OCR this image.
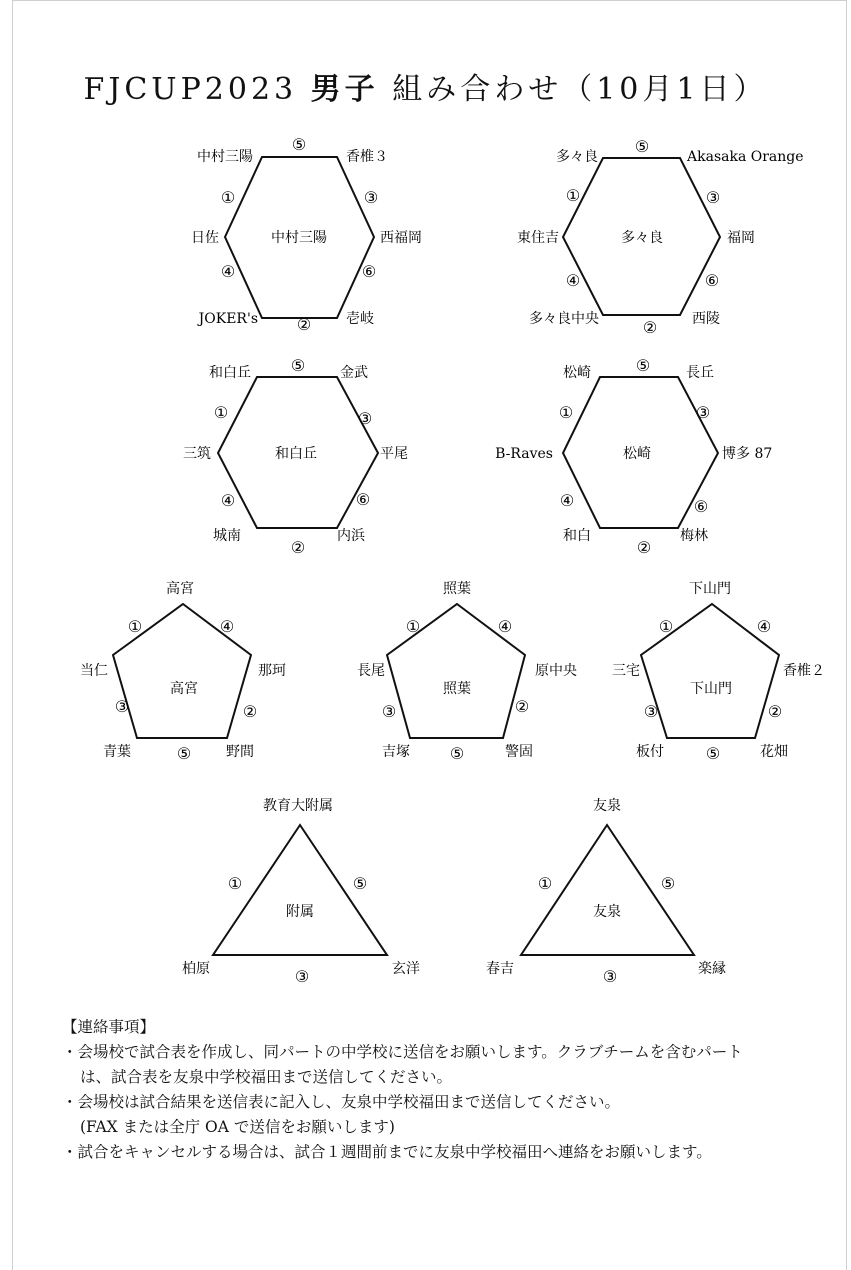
FJCUP2023 男子 組み合わせ（10月1日）
中村三陽
中村三陽	香椎３
西福岡
壱岐
JOKER's
日佐
⑤
③
⑥
②
④
①
多々良
多々良	Akasaka Orange
福岡
西陵
多々良中央
東住吉
⑤
③
⑥
②
④
①
和白丘
和白丘	金武
平尾
内浜
城南
三筑
⑤
③
⑥
②
④
①
松崎
松崎	長丘
博多 87
梅林
和白
B-Raves
⑤
③
⑥
②
④
①
高宮
高宮
那珂
野間
青葉
当仁
①	④
②
⑤
③
照葉
照葉
原中央
警固
吉塚
長尾
①	④
②
⑤
③
下山門
下山門
香椎２
花畑
板付
三宅
①	④
②
⑤
③
附属
教育大附属
柏原	玄洋
①	⑤
③
友泉
友泉
春吉	楽縁
①	⑤
③

【連絡事項】

・会場校で試合表を作成し、同パートの中学校に送信をお願いします。クラブチームを含むパート

は、試合表を友泉中学校福田まで送信してください。

・会場校は試合結果を送信表に記入し、友泉中学校福田まで送信してください。

(FAX または全庁 OA で送信をお願いします)

・試合をキャンセルする場合は、試合１週間前までに友泉中学校福田へ連絡をお願いします。
